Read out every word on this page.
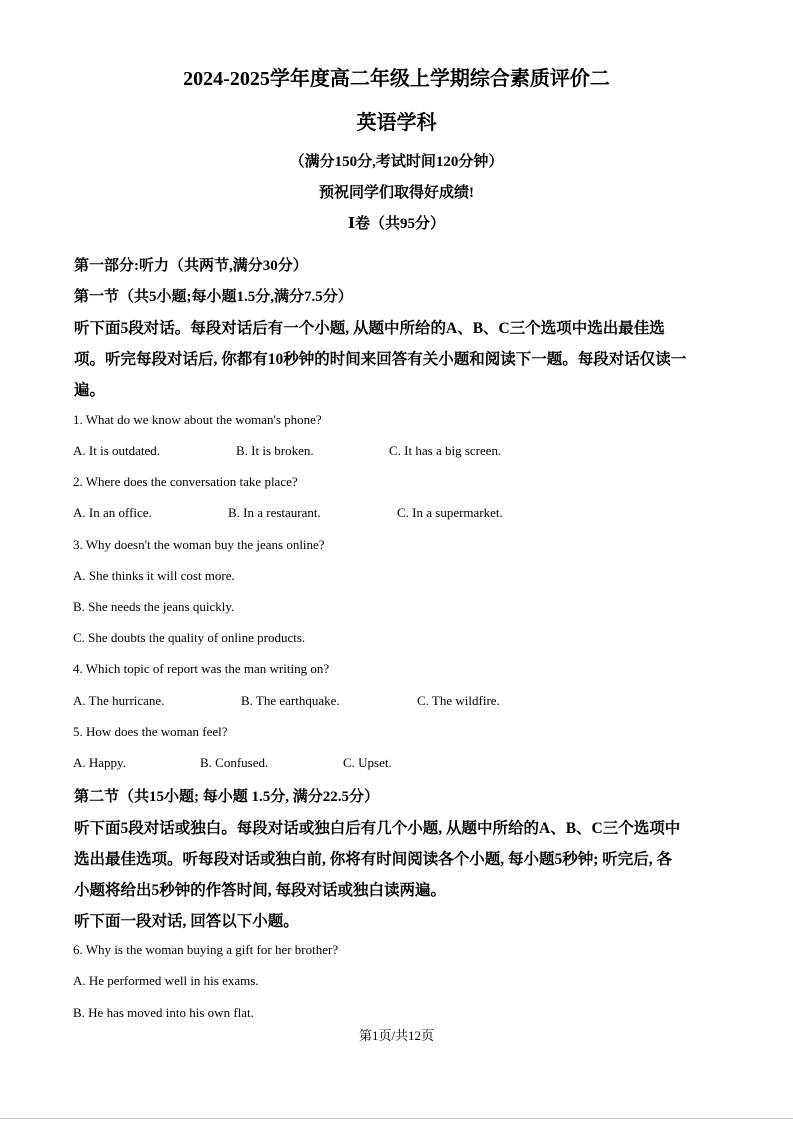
2024-2025学年度高二年级上学期综合素质评价二
英语学科
（满分150分,考试时间120分钟）
预祝同学们取得好成绩!
Ⅰ卷（共95分）
第一部分:听力（共两节,满分30分）
第一节（共5小题;每小题1.5分,满分7.5分）
听下面5段对话。每段对话后有一个小题, 从题中所给的A、B、C三个选项中选出最佳选
项。听完每段对话后, 你都有10秒钟的时间来回答有关小题和阅读下一题。每段对话仅读一
遍。
1. What do we know about the woman's phone?
A. It is outdated.	B. It is broken.	C. It has a big screen.
2. Where does the conversation take place?
A. In an office.	B. In a restaurant.	C. In a supermarket.
3. Why doesn't the woman buy the jeans online?
A. She thinks it will cost more.
B. She needs the jeans quickly.
C. She doubts the quality of online products.
4. Which topic of report was the man writing on?
A. The hurricane.	B. The earthquake.	C. The wildfire.
5. How does the woman feel?
A. Happy.	B. Confused.	C. Upset.
第二节（共15小题; 每小题 1.5分, 满分22.5分）
听下面5段对话或独白。每段对话或独白后有几个小题, 从题中所给的A、B、C三个选项中
选出最佳选项。听每段对话或独白前, 你将有时间阅读各个小题, 每小题5秒钟; 听完后, 各
小题将给出5秒钟的作答时间, 每段对话或独白读两遍。
听下面一段对话, 回答以下小题。
6. Why is the woman buying a gift for her brother?
A. He performed well in his exams.
B. He has moved into his own flat.
第1页/共12页
